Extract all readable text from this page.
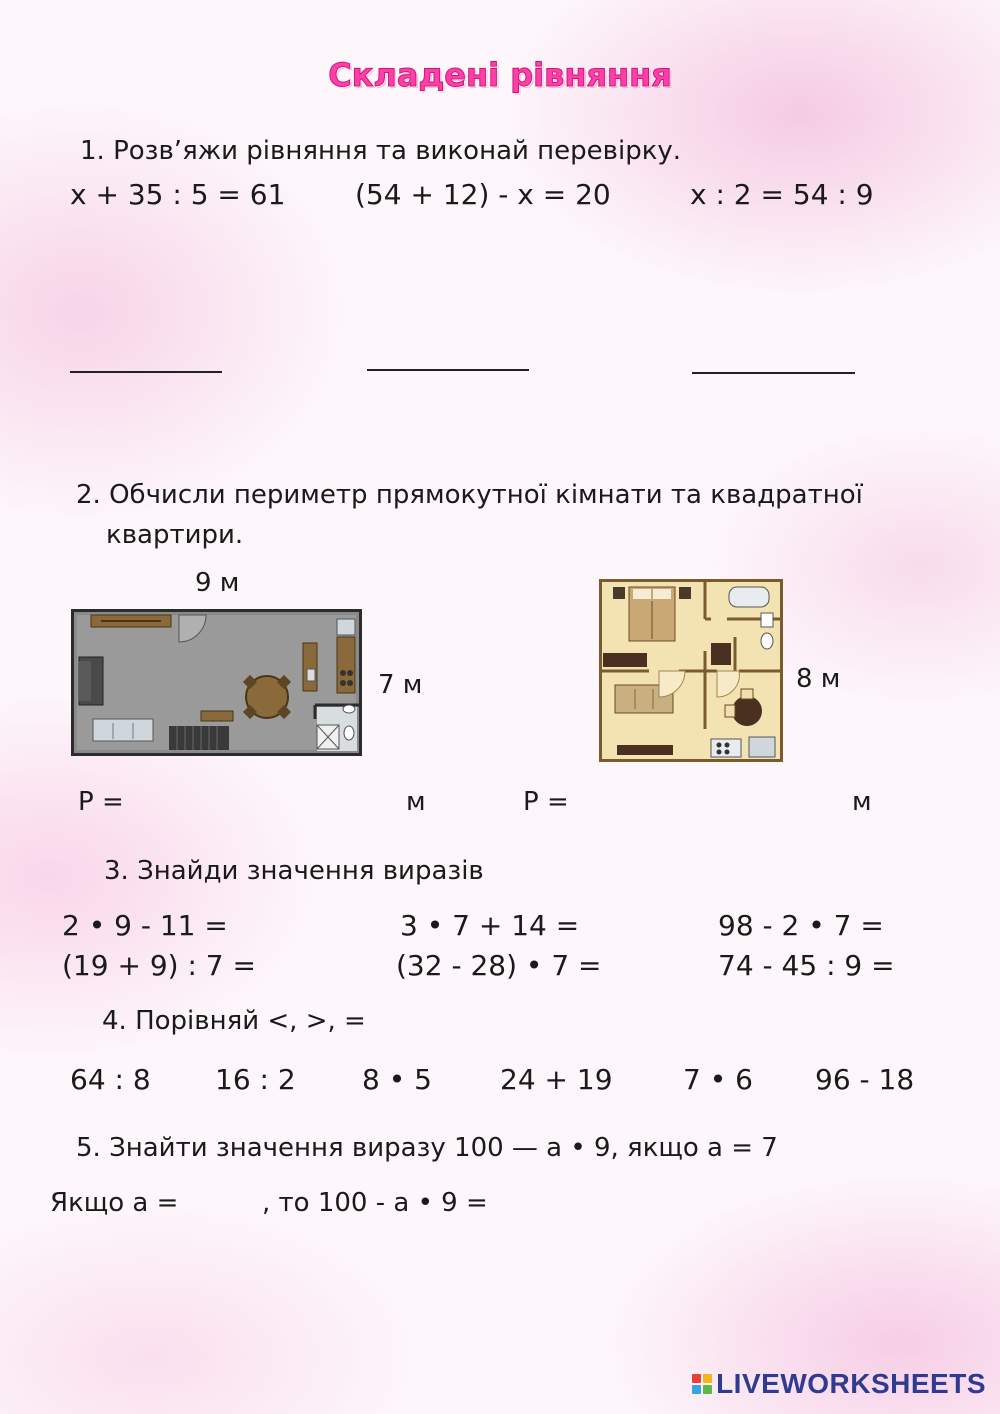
Складені рівняння
1. Розв’яжи рівняння та виконай перевірку.
x + 35 : 5 = 61 (54 + 12) - x = 20	x : 2 = 54 : 9
2. Обчисли периметр прямокутної кімнати та квадратної
квартири.
9 м
7 м	8 м
P =	м	P =	м
3. Знайди значення виразів
2 • 9 - 11 =	3 • 7 + 14 =	98 - 2 • 7 =
(19 + 9) : 7 =	(32 - 28) • 7 =	74 - 45 : 9 =
4. Порівняй <, >, =
64 : 8 16 : 2 8 • 5 24 + 19	7 • 6 96 - 18
5. Знайти значення виразу 100 — а • 9, якщо а = 7
Якщо а =	, то 100 - а • 9 =
LIVEWORKSHEETS
